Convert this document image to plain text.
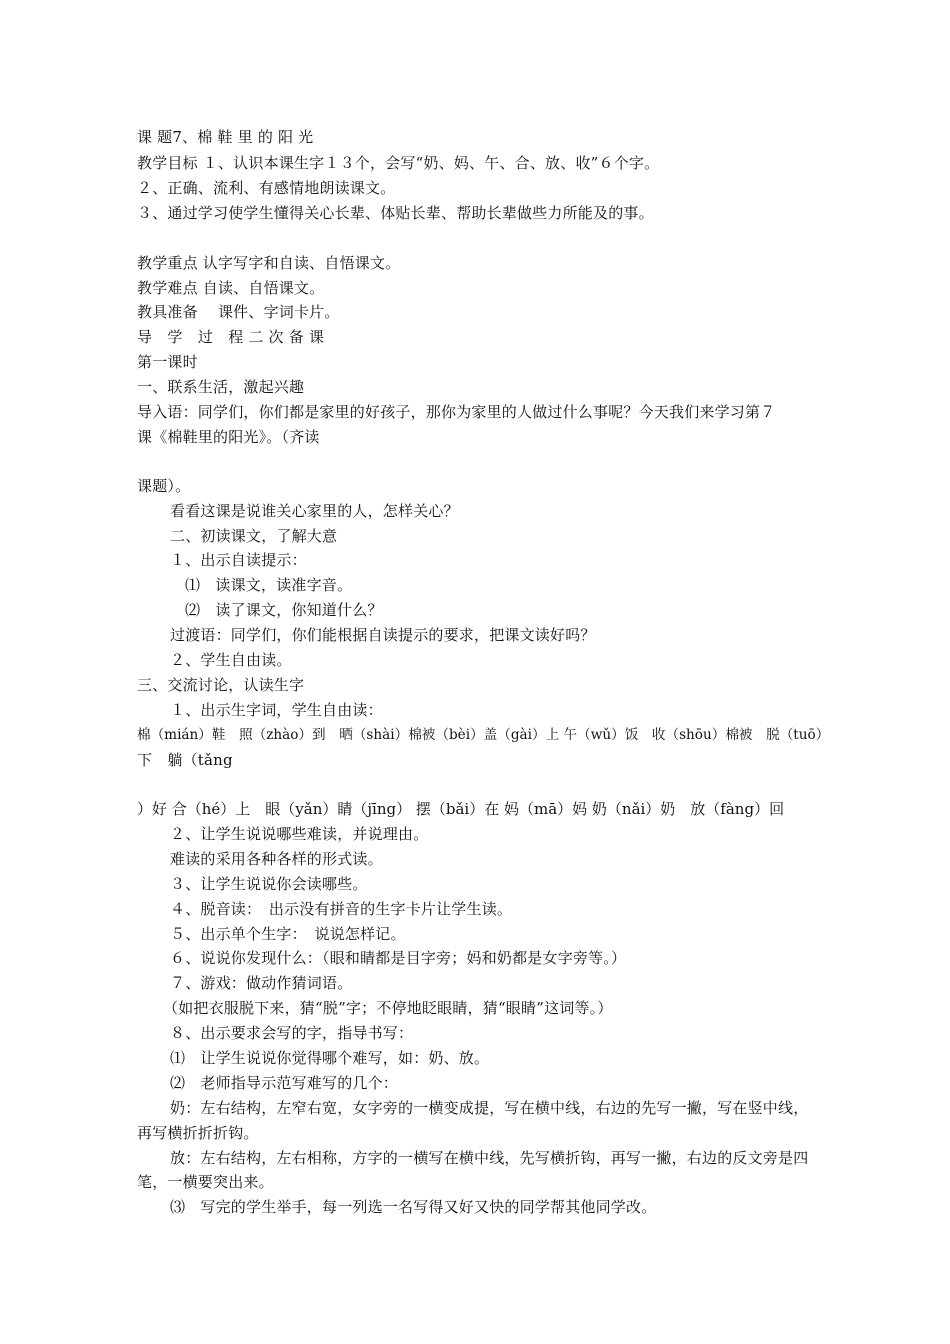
课 题7、棉 鞋 里 的 阳 光
教学目标 １、认识本课生字１３个，会写“奶、妈、午、合、放、收”６个字。
２、正确、流利、有感情地朗读课文。
３、通过学习使学生懂得关心长辈、体贴长辈、帮助长辈做些力所能及的事。
教学重点 认字写字和自读、自悟课文。
教学难点 自读、自悟课文。
教具准备　 课件、字词卡片。
导　学　过　程 二 次 备 课
第一课时
一、联系生活，激起兴趣
导入语：同学们，你们都是家里的好孩子，那你为家里的人做过什么事呢？今天我们来学习第７
课《棉鞋里的阳光》。（齐读
课题）。
看看这课是说谁关心家里的人，怎样关心？
二、初读课文，了解大意
１、出示自读提示：
⑴　读课文，读准字音。
⑵　读了课文，你知道什么？
过渡语：同学们，你们能根据自读提示的要求，把课文读好吗？
２、学生自由读。
三、交流讨论，认读生字
１、出示生字词，学生自由读：
棉（mián）鞋　照（zhào）到　晒（shài）棉被（bèi）盖（gài）上 午（wǔ）饭　收（shōu）棉被　脱（tuō）
下　躺（tǎng
）好 合（hé）上　眼（yǎn）睛（jīng） 摆（bǎi）在 妈（mā）妈 奶（nǎi）奶　放（fàng）回
２、让学生说说哪些难读，并说理由。
难读的采用各种各样的形式读。
３、让学生说说你会读哪些。
４、脱音读：　出示没有拼音的生字卡片让学生读。
５、出示单个生字：　说说怎样记。
６、说说你发现什么：（眼和睛都是目字旁；妈和奶都是女字旁等。）
７、游戏：做动作猜词语。
（如把衣服脱下来，猜“脱”字；不停地眨眼睛，猜“眼睛”这词等。）
８、出示要求会写的字，指导书写：
⑴　让学生说说你觉得哪个难写，如：奶、放。
⑵　老师指导示范写难写的几个：
奶：左右结构，左窄右宽，女字旁的一横变成提，写在横中线，右边的先写一撇，写在竖中线，
再写横折折折钩。
放：左右结构，左右相称，方字的一横写在横中线，先写横折钩，再写一撇，右边的反文旁是四
笔，一横要突出来。
⑶　写完的学生举手，每一列选一名写得又好又快的同学帮其他同学改。
